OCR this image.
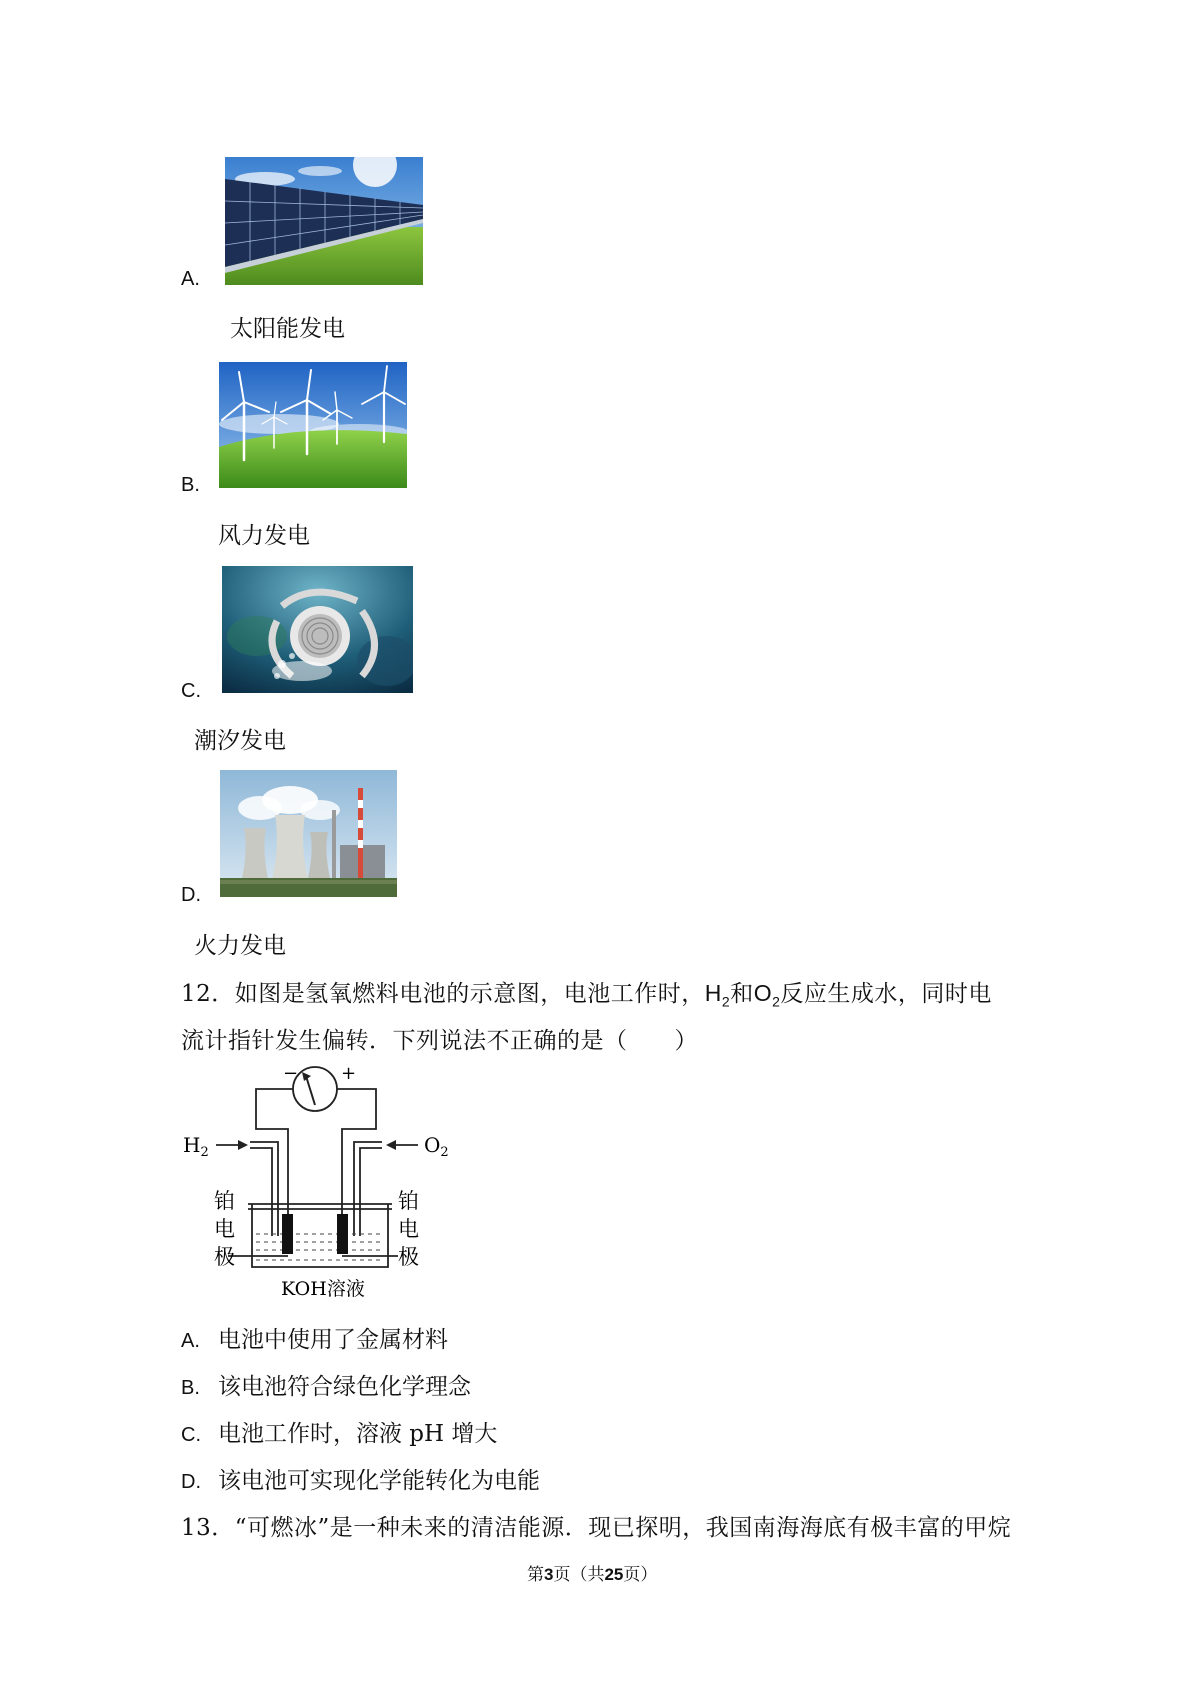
A.
太阳能发电
B.
风力发电
C.
潮汐发电
D.
火力发电
12．如图是氢氧燃料电池的示意图，电池工作时，$H_2$和$O_2$反应生成水，同时电
流计指针发生偏转．下列说法不正确的是（　　）
− +
$H_2$	$O_2$
铂
电
极
铂
电
极
KOH溶液
A. 电池中使用了金属材料
B. 该电池符合绿色化学理念
C. 电池工作时，溶液 pH 增大
D. 该电池可实现化学能转化为电能
13．“可燃冰”是一种未来的清洁能源．现已探明，我国南海海底有极丰富的甲烷
第3页（共25页）
